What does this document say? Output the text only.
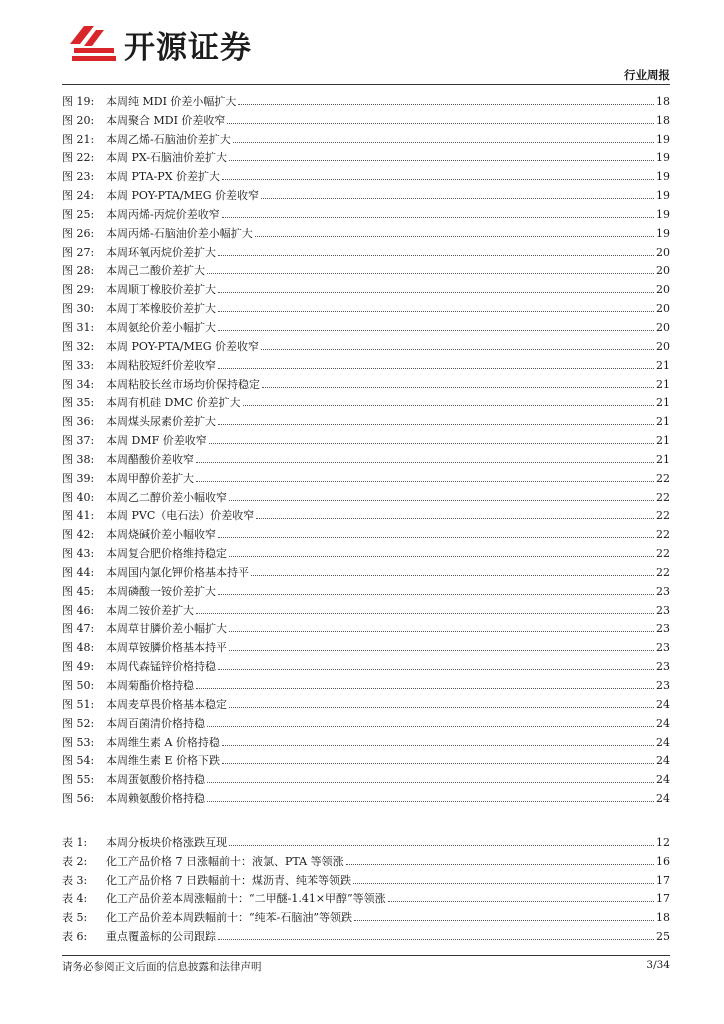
开源证券
行业周报
图 19:	本周纯 MDI 价差小幅扩大	18
图 20:	本周聚合 MDI 价差收窄	18
图 21:	本周乙烯-石脑油价差扩大	19
图 22:	本周 PX-石脑油价差扩大	19
图 23:	本周 PTA-PX 价差扩大	19
图 24:	本周 POY-PTA/MEG 价差收窄	19
图 25:	本周丙烯-丙烷价差收窄	19
图 26:	本周丙烯-石脑油价差小幅扩大	19
图 27:	本周环氧丙烷价差扩大	20
图 28:	本周己二酸价差扩大	20
图 29:	本周顺丁橡胶价差扩大	20
图 30:	本周丁苯橡胶价差扩大	20
图 31:	本周氨纶价差小幅扩大	20
图 32:	本周 POY-PTA/MEG 价差收窄	20
图 33:	本周粘胶短纤价差收窄	21
图 34:	本周粘胶长丝市场均价保持稳定	21
图 35:	本周有机硅 DMC 价差扩大	21
图 36:	本周煤头尿素价差扩大	21
图 37:	本周 DMF 价差收窄	21
图 38:	本周醋酸价差收窄	21
图 39:	本周甲醇价差扩大	22
图 40:	本周乙二醇价差小幅收窄	22
图 41:	本周 PVC（电石法）价差收窄	22
图 42:	本周烧碱价差小幅收窄	22
图 43:	本周复合肥价格维持稳定	22
图 44:	本周国内氯化钾价格基本持平	22
图 45:	本周磷酸一铵价差扩大	23
图 46:	本周二铵价差扩大	23
图 47:	本周草甘膦价差小幅扩大	23
图 48:	本周草铵膦价格基本持平	23
图 49:	本周代森锰锌价格持稳	23
图 50:	本周菊酯价格持稳	23
图 51:	本周麦草畏价格基本稳定	24
图 52:	本周百菌清价格持稳	24
图 53:	本周维生素 A 价格持稳	24
图 54:	本周维生素 E 价格下跌	24
图 55:	本周蛋氨酸价格持稳	24
图 56:	本周赖氨酸价格持稳	24
表 1:	本周分板块价格涨跌互现	12
表 2:	化工产品价格 7 日涨幅前十：液氯、PTA 等领涨	16
表 3:	化工产品价格 7 日跌幅前十：煤沥青、纯苯等领跌	17
表 4:	化工产品价差本周涨幅前十：“二甲醚-1.41×甲醇”等领涨	17
表 5:	化工产品价差本周跌幅前十：“纯苯-石脑油”等领跌	18
表 6:	重点覆盖标的公司跟踪	25
请务必参阅正文后面的信息披露和法律声明	3/34
